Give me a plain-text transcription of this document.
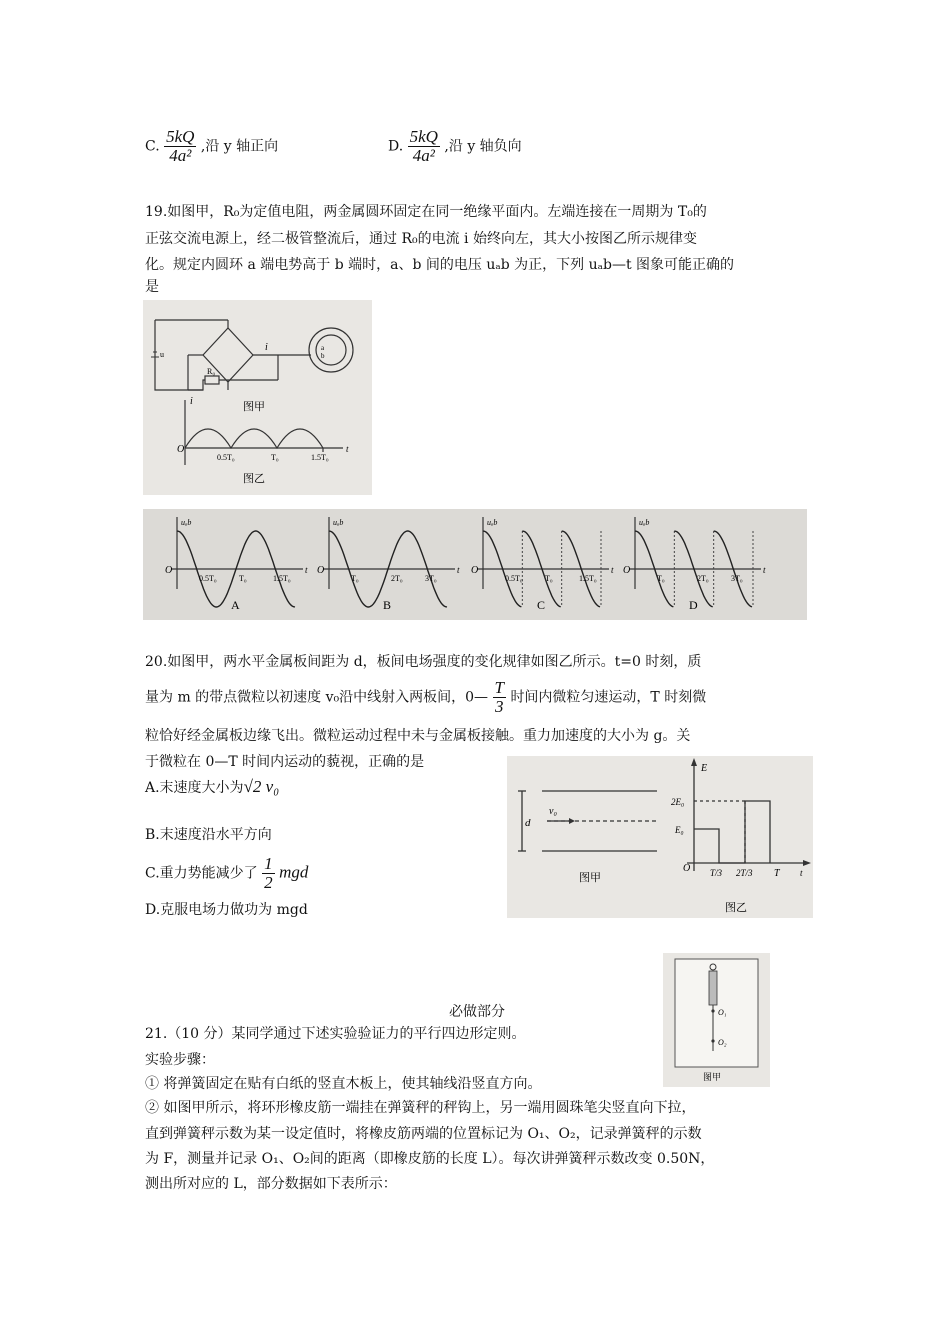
C. $\frac{5kQ}{\text{4a²}}$ ,沿 y 轴正向	D. $\frac{5kQ}{\text{4a²}}$ ,沿 y 轴负向
19.如图甲，R₀为定值电阻，两金属圆环固定在同一绝缘平面内。左端连接在一周期为 T₀的
正弦交流电源上，经二极管整流后，通过 R₀的电流 i 始终向左，其大小按图乙所示规律变
化。规定内圆环 a 端电势高于 b 端时，a、b 间的电压 uₐb 为正，下列 uₐb—t 图象可能正确的
是
u
i
R₀
a
b
图甲
i
O
0.5T₀	T₀	1.5T₀
t
图乙
uₐb
O
0.5T₀	T₀	1.5T₀
t
A
uₐb
O
T₀	2T₀	3T₀
t
B
uₐb
O
0.5T₀	T₀	1.5T₀
t
C
uₐb
O
T₀	2T₀	3T₀
t
D
20.如图甲，两水平金属板间距为 d，板间电场强度的变化规律如图乙所示。t=0 时刻，质
量为 m 的带点微粒以初速度 v₀沿中线射入两板间，0— $\frac{T}{3}$ 时间内微粒匀速运动，T 时刻微
粒恰好经金属板边缘飞出。微粒运动过程中未与金属板接触。重力加速度的大小为 g。关
于微粒在 0—T 时间内运动的藐视，正确的是
A.末速度大小为√2 v₀
B.末速度沿水平方向
C.重力势能减少了 $\frac{1}{2}$ mgd
D.克服电场力做功为 mgd
v₀
d
图甲
E
2E₀
E₀
O T/3 2T/3 T t
图乙
必做部分
21.（10 分）某同学通过下述实验验证力的平行四边形定则。
实验步骤：
① 将弹簧固定在贴有白纸的竖直木板上，使其轴线沿竖直方向。
② 如图甲所示，将环形橡皮筋一端挂在弹簧秤的秤钩上，另一端用圆珠笔尖竖直向下拉，
直到弹簧秤示数为某一设定值时，将橡皮筋两端的位置标记为 O₁、O₂，记录弹簧秤的示数
为 F，测量并记录 O₁、O₂间的距离（即橡皮筋的长度 L）。每次讲弹簧秤示数改变 0.50N，
测出所对应的 L，部分数据如下表所示：
O₁
O₂
图甲
